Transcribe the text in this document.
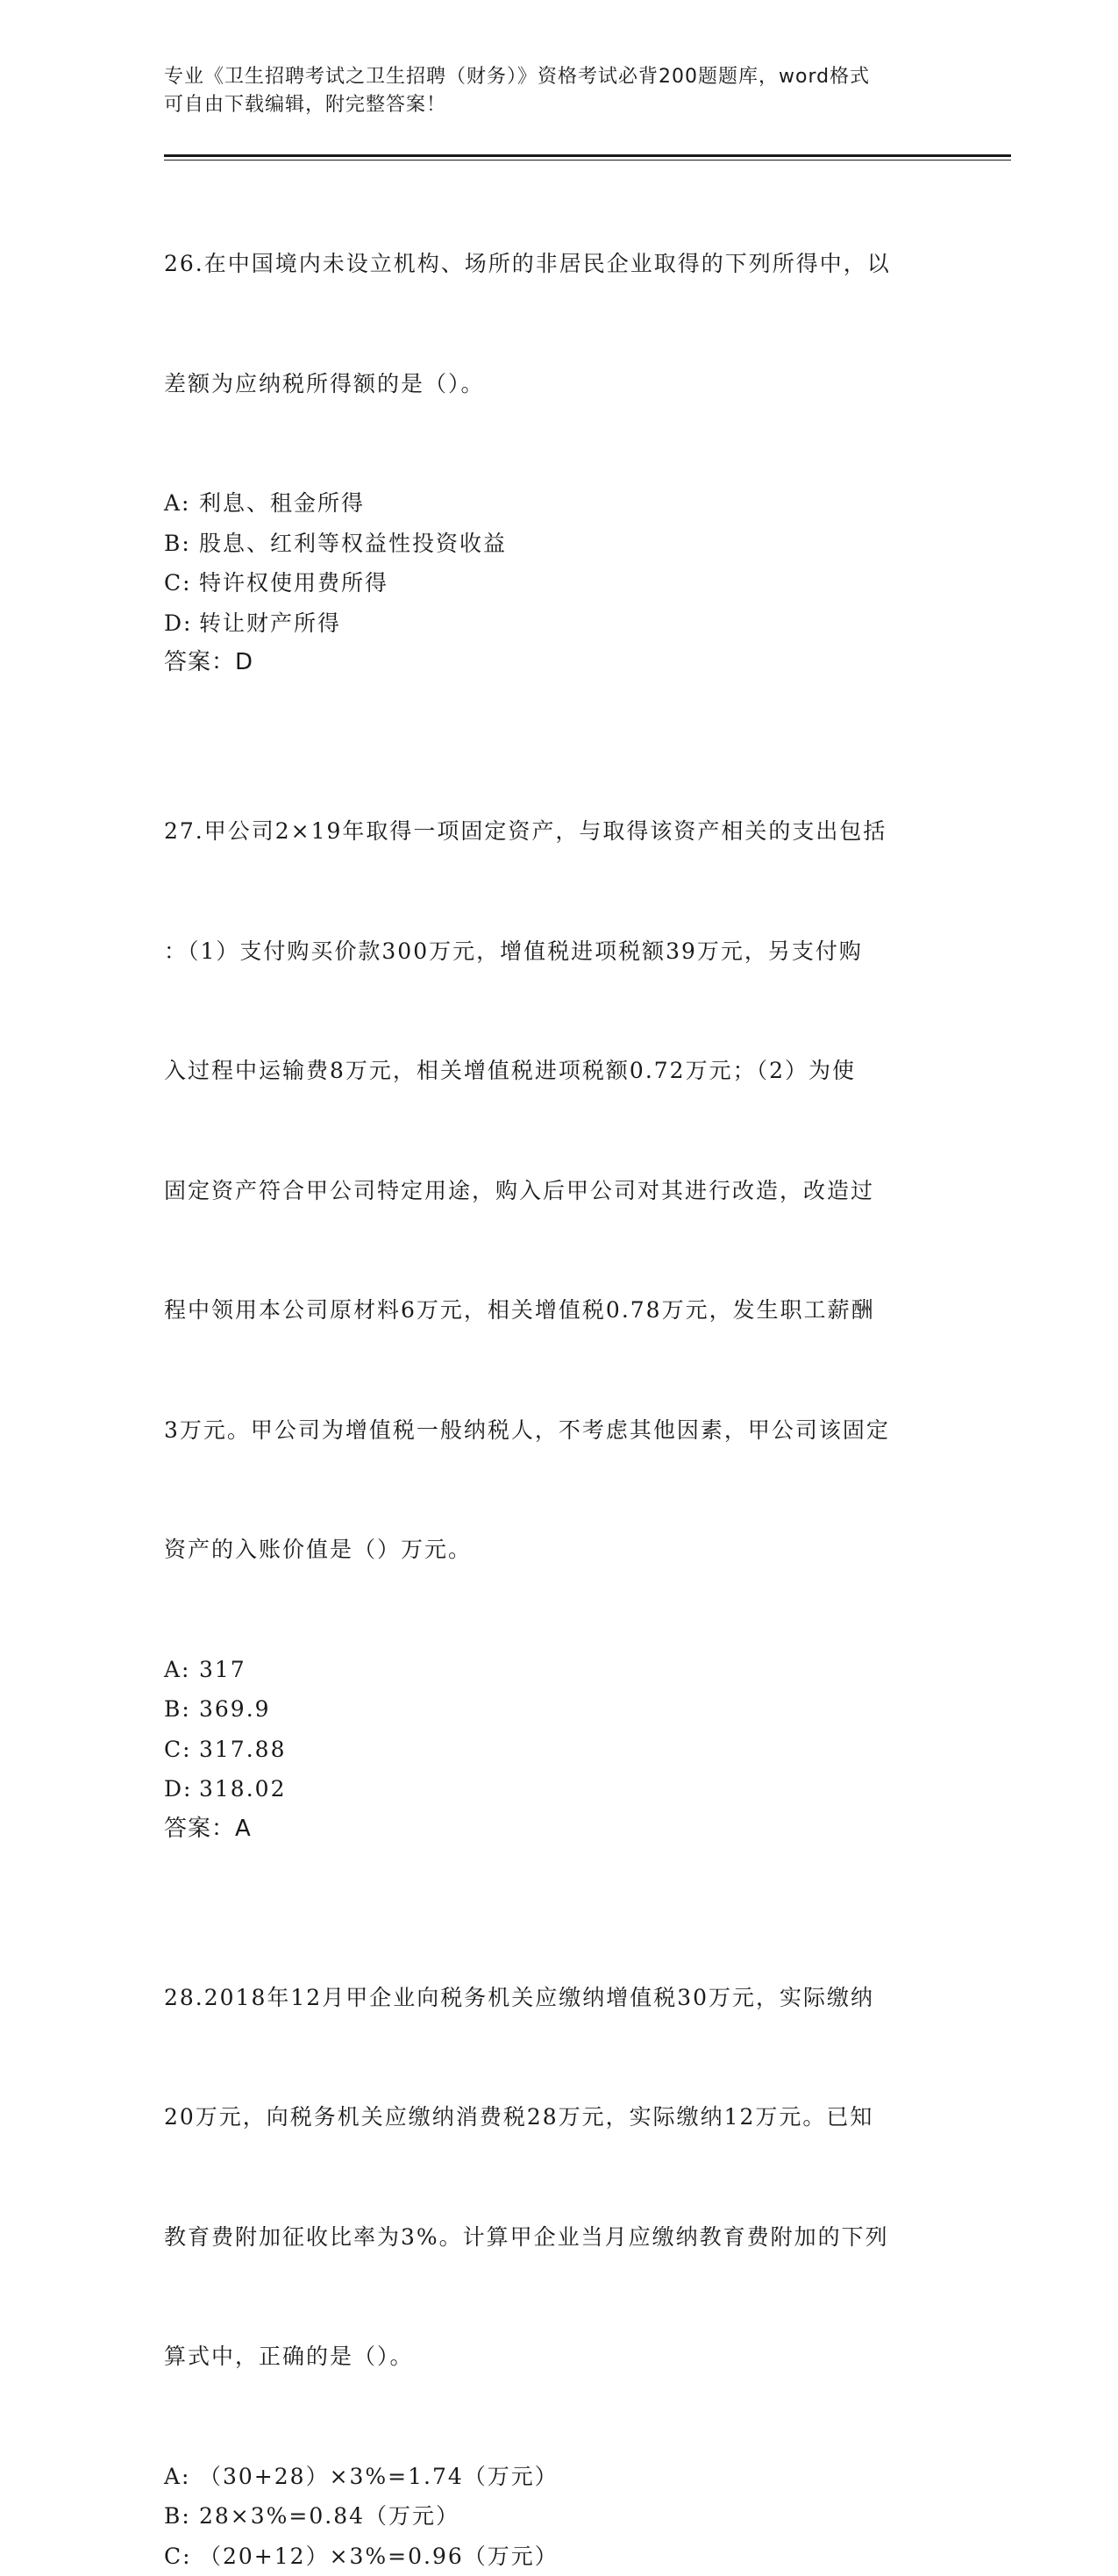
专业《卫生招聘考试之卫生招聘（财务）》资格考试必背200题题库，word格式
可自由下载编辑，附完整答案！

26.在中国境内未设立机构、场所的非居民企业取得的下列所得中，以

差额为应纳税所得额的是（）。

A: 利息、租金所得
B: 股息、红利等权益性投资收益
C: 特许权使用费所得
D: 转让财产所得
答案：D

27.甲公司2×19年取得一项固定资产，与取得该资产相关的支出包括

：（1）支付购买价款300万元，增值税进项税额39万元，另支付购

入过程中运输费8万元，相关增值税进项税额0.72万元；（2）为使

固定资产符合甲公司特定用途，购入后甲公司对其进行改造，改造过

程中领用本公司原材料6万元，相关增值税0.78万元，发生职工薪酬

3万元。甲公司为增值税一般纳税人，不考虑其他因素，甲公司该固定

资产的入账价值是（）万元。

A: 317
B: 369.9
C: 317.88
D: 318.02
答案：A

28.2018年12月甲企业向税务机关应缴纳增值税30万元，实际缴纳

20万元，向税务机关应缴纳消费税28万元，实际缴纳12万元。已知

教育费附加征收比率为3%。计算甲企业当月应缴纳教育费附加的下列

算式中，正确的是（）。

A: （30+28）×3%=1.74（万元）
B: 28×3%=0.84（万元）
C: （20+12）×3%=0.96（万元）
